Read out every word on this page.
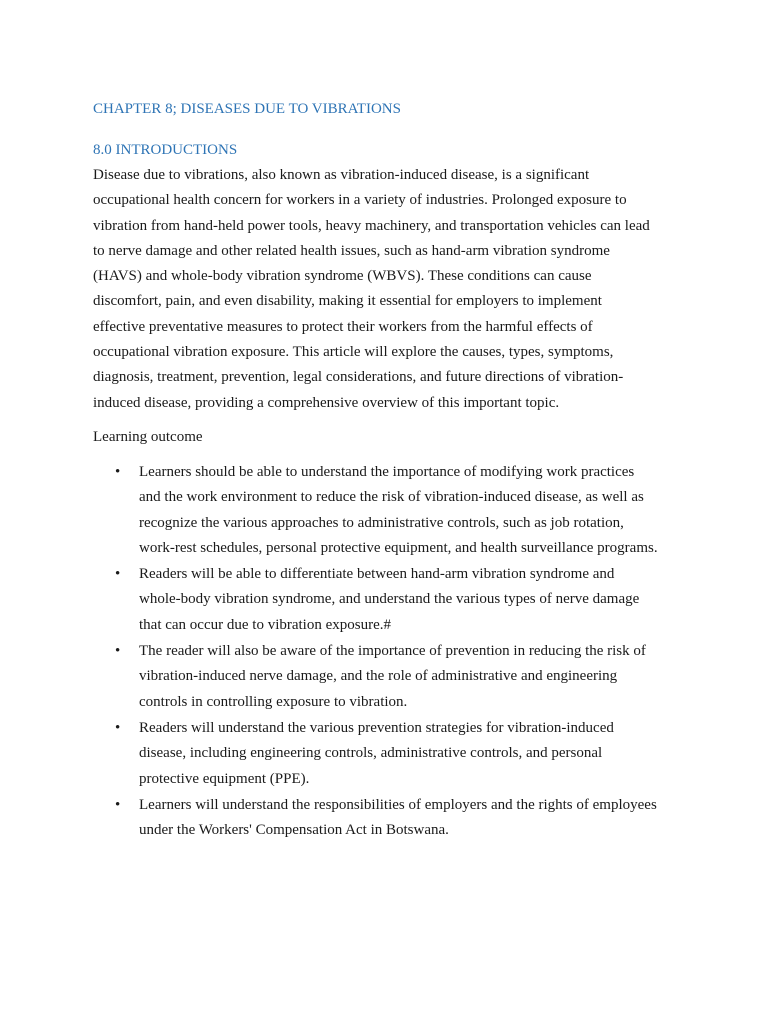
CHAPTER 8; DISEASES DUE TO VIBRATIONS
8.0 INTRODUCTIONS
Disease due to vibrations, also known as vibration-induced disease, is a significant
occupational health concern for workers in a variety of industries. Prolonged exposure to
vibration from hand-held power tools, heavy machinery, and transportation vehicles can lead
to nerve damage and other related health issues, such as hand-arm vibration syndrome
(HAVS) and whole-body vibration syndrome (WBVS). These conditions can cause
discomfort, pain, and even disability, making it essential for employers to implement
effective preventative measures to protect their workers from the harmful effects of
occupational vibration exposure. This article will explore the causes, types, symptoms,
diagnosis, treatment, prevention, legal considerations, and future directions of vibration-
induced disease, providing a comprehensive overview of this important topic.
Learning outcome
• Learners should be able to understand the importance of modifying work practices
and the work environment to reduce the risk of vibration-induced disease, as well as
recognize the various approaches to administrative controls, such as job rotation,
work-rest schedules, personal protective equipment, and health surveillance programs.
• Readers will be able to differentiate between hand-arm vibration syndrome and
whole-body vibration syndrome, and understand the various types of nerve damage
that can occur due to vibration exposure.#
• The reader will also be aware of the importance of prevention in reducing the risk of
vibration-induced nerve damage, and the role of administrative and engineering
controls in controlling exposure to vibration.
• Readers will understand the various prevention strategies for vibration-induced
disease, including engineering controls, administrative controls, and personal
protective equipment (PPE).
• Learners will understand the responsibilities of employers and the rights of employees
under the Workers' Compensation Act in Botswana.
